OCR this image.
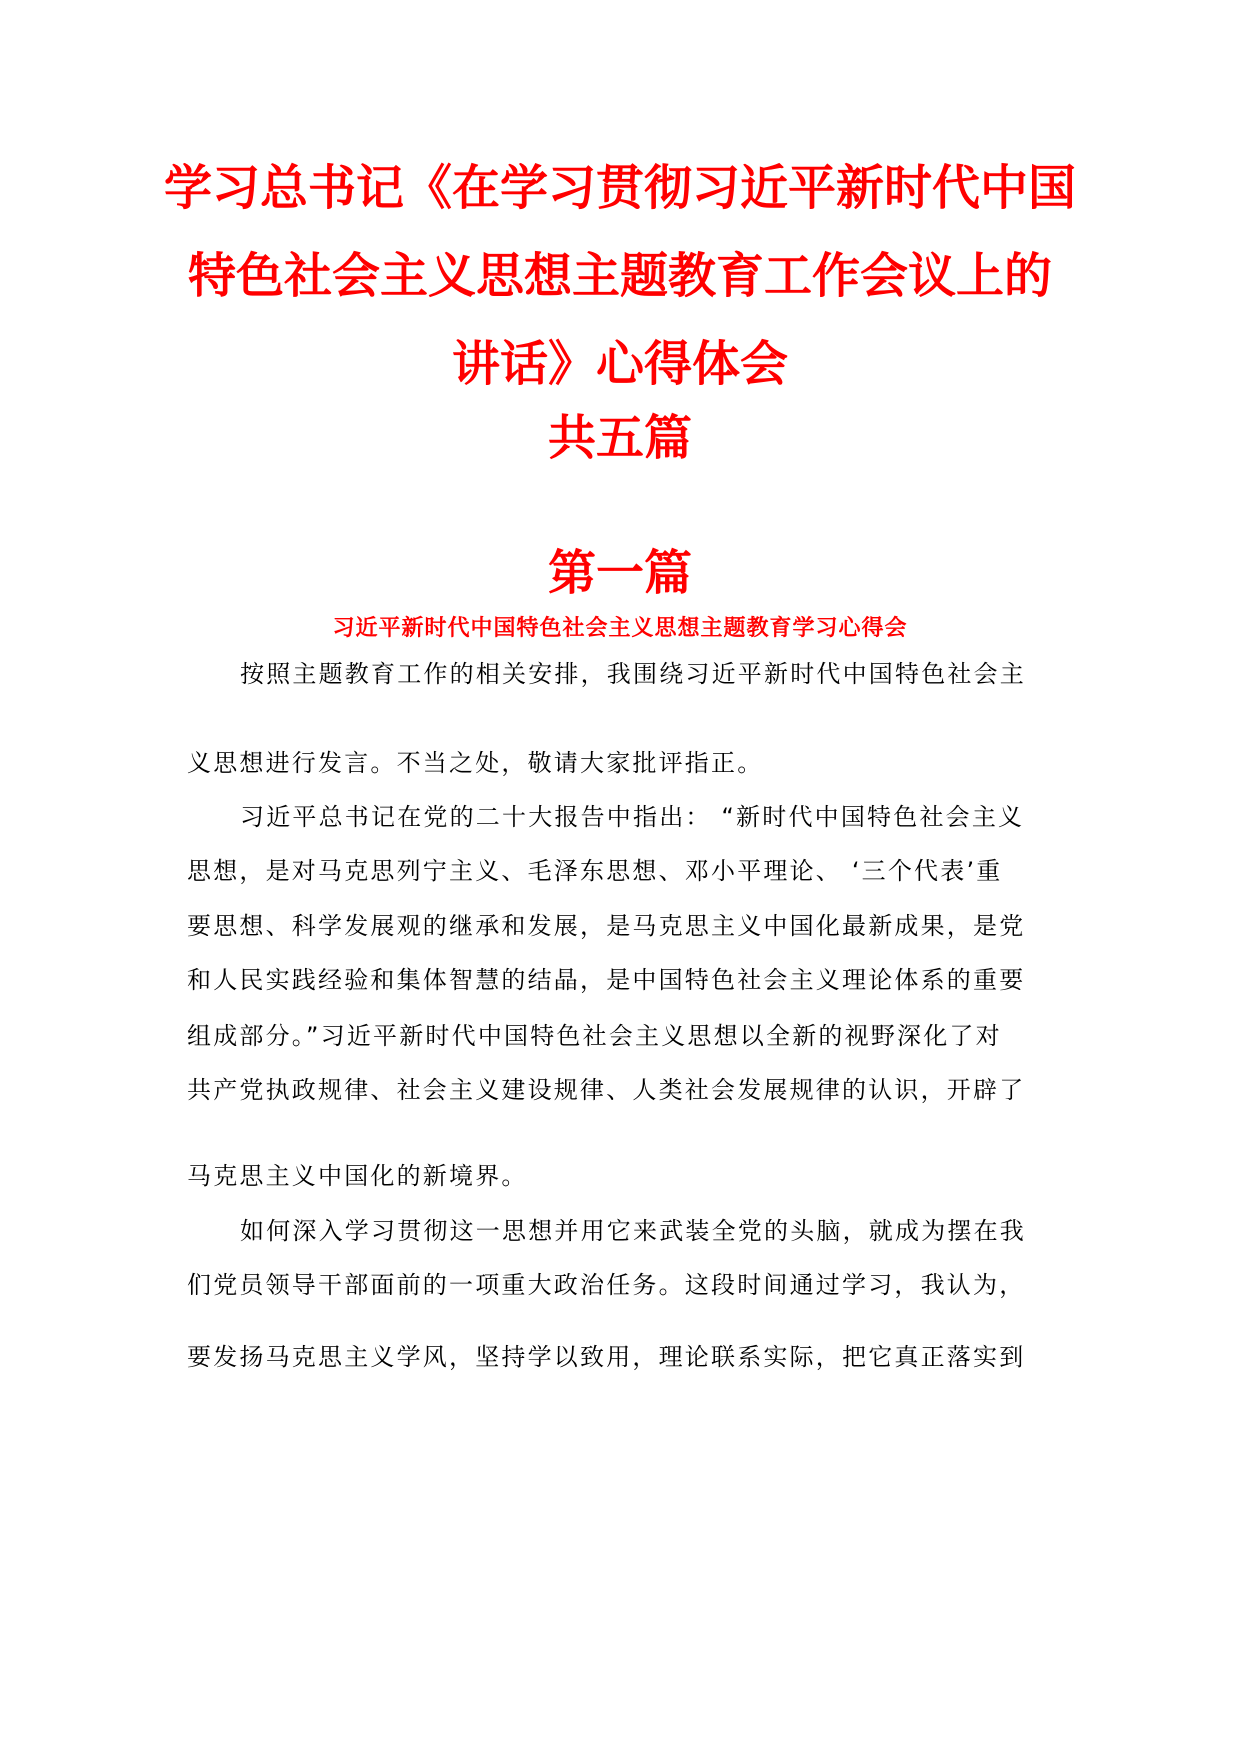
学习总书记《在学习贯彻习近平新时代中国
特色社会主义思想主题教育工作会议上的
讲话》心得体会
共五篇
第一篇
习近平新时代中国特色社会主义思想主题教育学习心得会
按照主题教育工作的相关安排，我围绕习近平新时代中国特色社会主
义思想进行发言。不当之处，敬请大家批评指正。
习近平总书记在党的二十大报告中指出： “新时代中国特色社会主义
思想，是对马克思列宁主义、毛泽东思想、邓小平理论、 ‘三个代表’重
要思想、科学发展观的继承和发展，是马克思主义中国化最新成果，是党
和人民实践经验和集体智慧的结晶，是中国特色社会主义理论体系的重要
组成部分。”习近平新时代中国特色社会主义思想以全新的视野深化了对
共产党执政规律、社会主义建设规律、人类社会发展规律的认识，开辟了
马克思主义中国化的新境界。
如何深入学习贯彻这一思想并用它来武装全党的头脑，就成为摆在我
们党员领导干部面前的一项重大政治任务。这段时间通过学习，我认为，
要发扬马克思主义学风，坚持学以致用，理论联系实际，把它真正落实到
